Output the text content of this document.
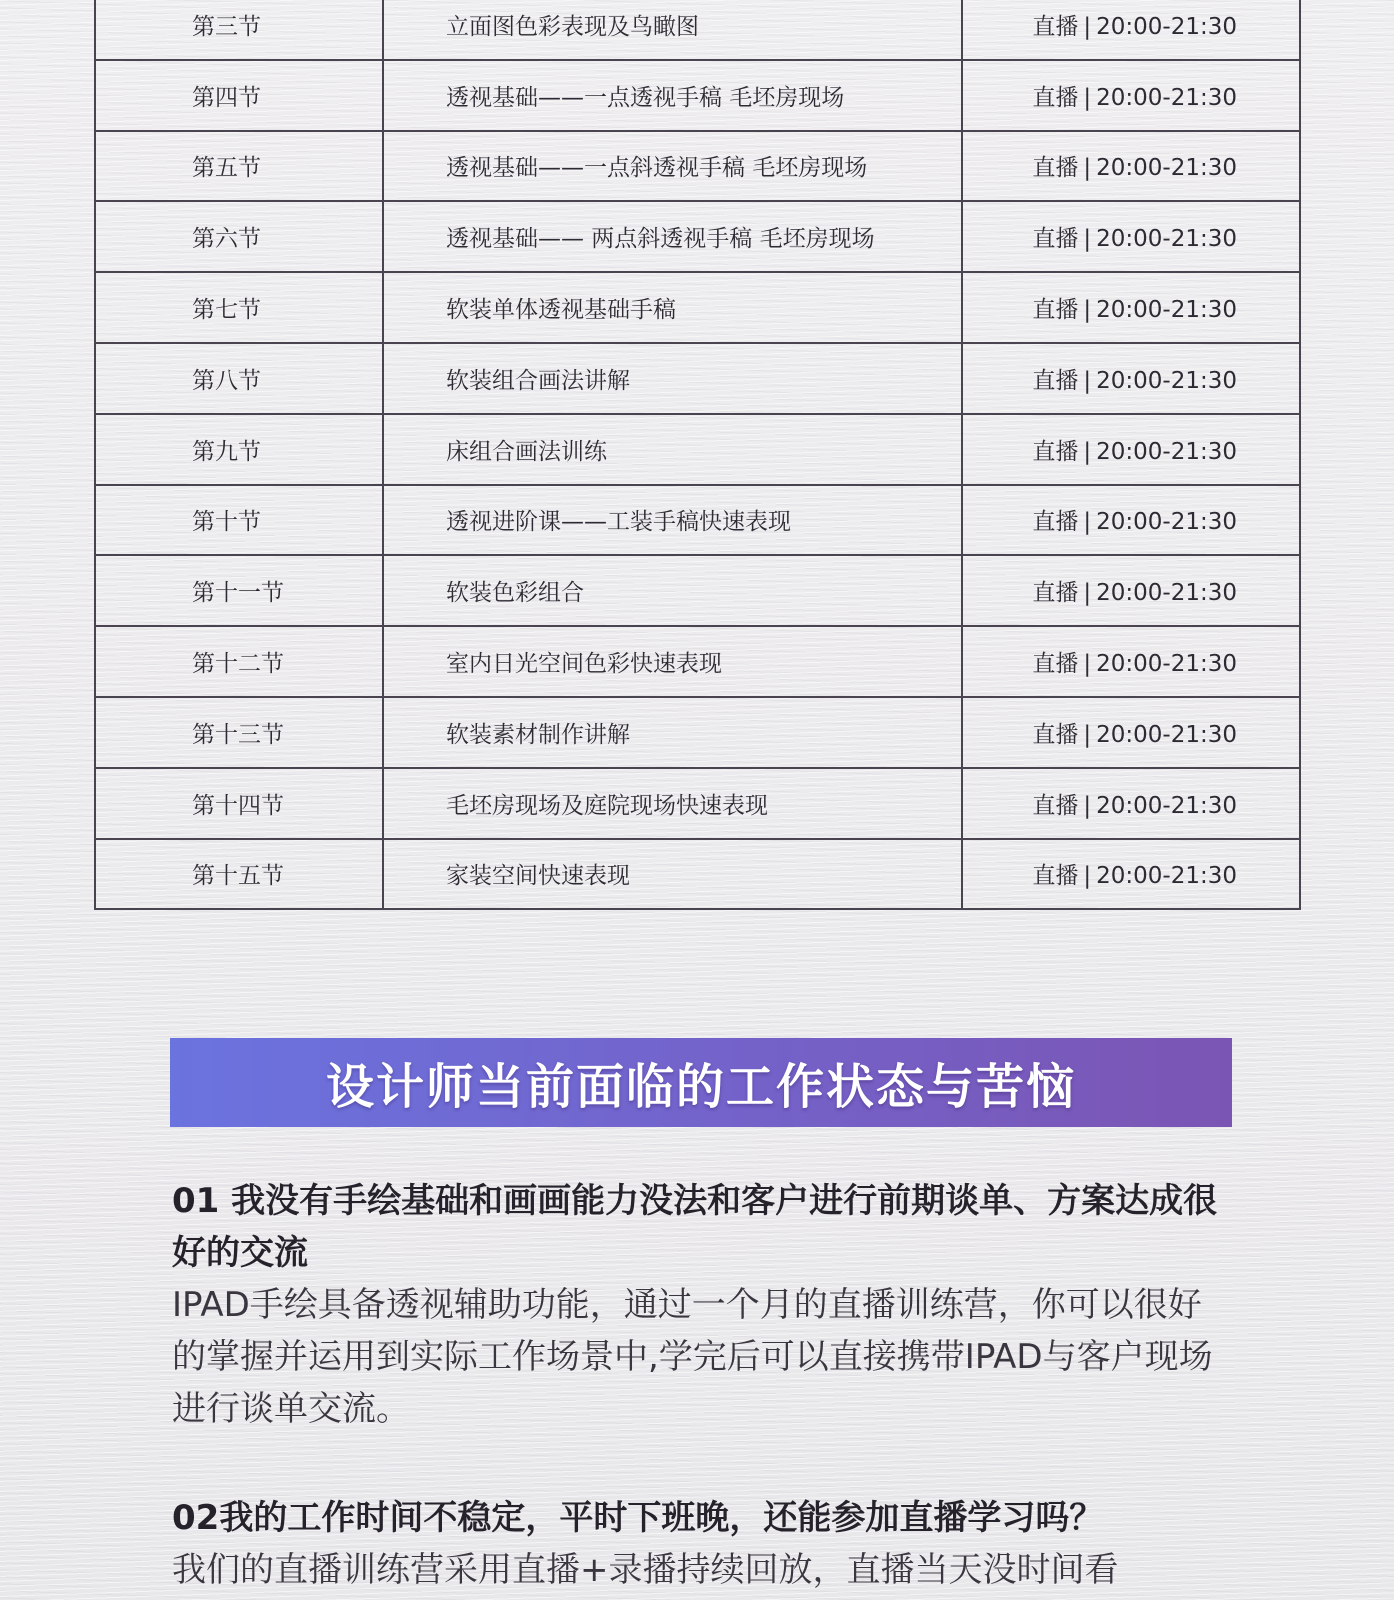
第三节	立面图色彩表现及鸟瞰图	直播 | 20:00-21:30
第四节	透视基础——一点透视手稿 毛坯房现场	直播 | 20:00-21:30
第五节	透视基础——一点斜透视手稿 毛坯房现场	直播 | 20:00-21:30
第六节	透视基础—— 两点斜透视手稿 毛坯房现场	直播 | 20:00-21:30
第七节	软装单体透视基础手稿	直播 | 20:00-21:30
第八节	软装组合画法讲解	直播 | 20:00-21:30
第九节	床组合画法训练	直播 | 20:00-21:30
第十节	透视进阶课——工装手稿快速表现	直播 | 20:00-21:30
第十一节	软装色彩组合	直播 | 20:00-21:30
第十二节	室内日光空间色彩快速表现	直播 | 20:00-21:30
第十三节	软装素材制作讲解	直播 | 20:00-21:30
第十四节	毛坯房现场及庭院现场快速表现	直播 | 20:00-21:30
第十五节	家装空间快速表现	直播 | 20:00-21:30
设计师当前面临的工作状态与苦恼
01 我没有手绘基础和画画能力没法和客户进行前期谈单、方案达成很好的交流
IPAD手绘具备透视辅助功能，通过一个月的直播训练营，你可以很好的掌握并运用到实际工作场景中,学完后可以直接携带IPAD与客户现场进行谈单交流。
02我的工作时间不稳定，平时下班晚，还能参加直播学习吗？
我们的直播训练营采用直播+录播持续回放，直播当天没时间看
